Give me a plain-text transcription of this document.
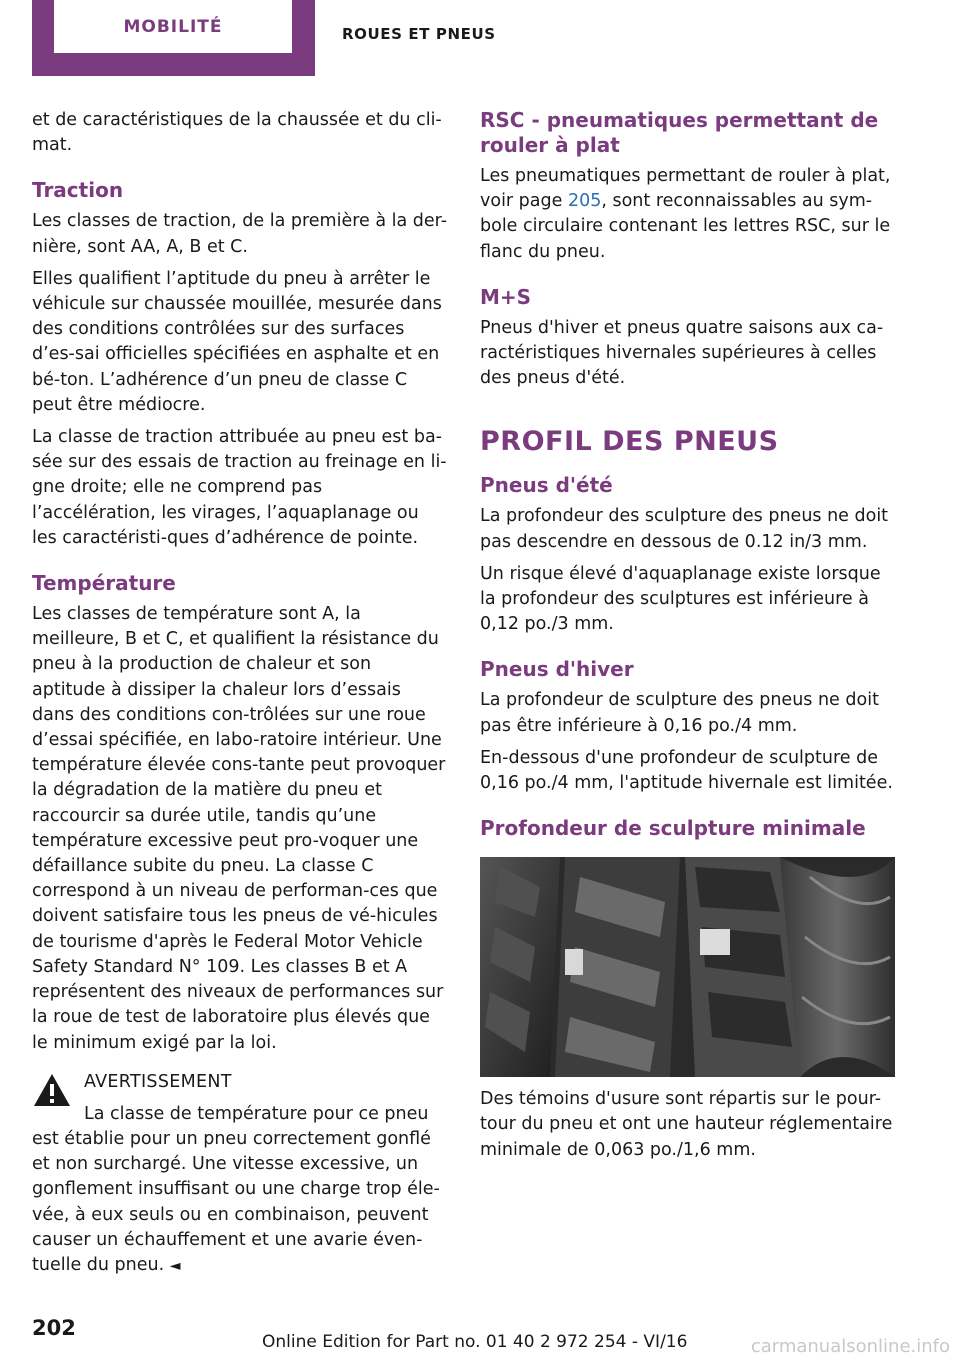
MOBILITÉ	ROUES ET PNEUS

et de caractéristiques de la chaussée et du cli-mat.

Traction

Les classes de traction, de la première à la der-nière, sont AA, A, B et C.

Elles qualifient l’aptitude du pneu à arrêter le véhicule sur chaussée mouillée, mesurée dans des conditions contrôlées sur des surfaces d’es-sai officielles spécifiées en asphalte et en bé-ton. L’adhérence d’un pneu de classe C peut être médiocre.

La classe de traction attribuée au pneu est ba-sée sur des essais de traction au freinage en li-gne droite; elle ne comprend pas l’accélération, les virages, l’aquaplanage ou les caractéristi-ques d’adhérence de pointe.

Température

Les classes de température sont A, la meilleure, B et C, et qualifient la résistance du pneu à la production de chaleur et son aptitude à dissiper la chaleur lors d’essais dans des conditions con-trôlées sur une roue d’essai spécifiée, en labo-ratoire intérieur. Une température élevée cons-tante peut provoquer la dégradation de la matière du pneu et raccourcir sa durée utile, tandis qu’une température excessive peut pro-voquer une défaillance subite du pneu. La classe C correspond à un niveau de performan-ces que doivent satisfaire tous les pneus de vé-hicules de tourisme d'après le Federal Motor Vehicle Safety Standard N° 109. Les classes B et A représentent des niveaux de performances sur la roue de test de laboratoire plus élevés que le minimum exigé par la loi.

AVERTISSEMENT
La classe de température pour ce pneu est établie pour un pneu correctement gonflé et non surchargé. Une vitesse excessive, un gonflement insuffisant ou une charge trop éle-vée, à eux seuls ou en combinaison, peuvent causer un échauffement et une avarie éven-tuelle du pneu. ◄
RSC - pneumatiques permettant de rouler à plat

Les pneumatiques permettant de rouler à plat, voir page 205, sont reconnaissables au sym-bole circulaire contenant les lettres RSC, sur le flanc du pneu.

M+S

Pneus d'hiver et pneus quatre saisons aux ca-ractéristiques hivernales supérieures à celles des pneus d'été.

PROFIL DES PNEUS
Pneus d'été

La profondeur des sculpture des pneus ne doit pas descendre en dessous de 0.12 in/3 mm.

Un risque élevé d'aquaplanage existe lorsque la profondeur des sculptures est inférieure à 0,12 po./3 mm.

Pneus d'hiver

La profondeur de sculpture des pneus ne doit pas être inférieure à 0,16 po./4 mm.

En-dessous d'une profondeur de sculpture de 0,16 po./4 mm, l'aptitude hivernale est limitée.

Profondeur de sculpture minimale

Des témoins d'usure sont répartis sur le pour-tour du pneu et ont une hauteur réglementaire minimale de 0,063 po./1,6 mm.

202
Online Edition for Part no. 01 40 2 972 254 - VI/16	carmanualsonline.info
